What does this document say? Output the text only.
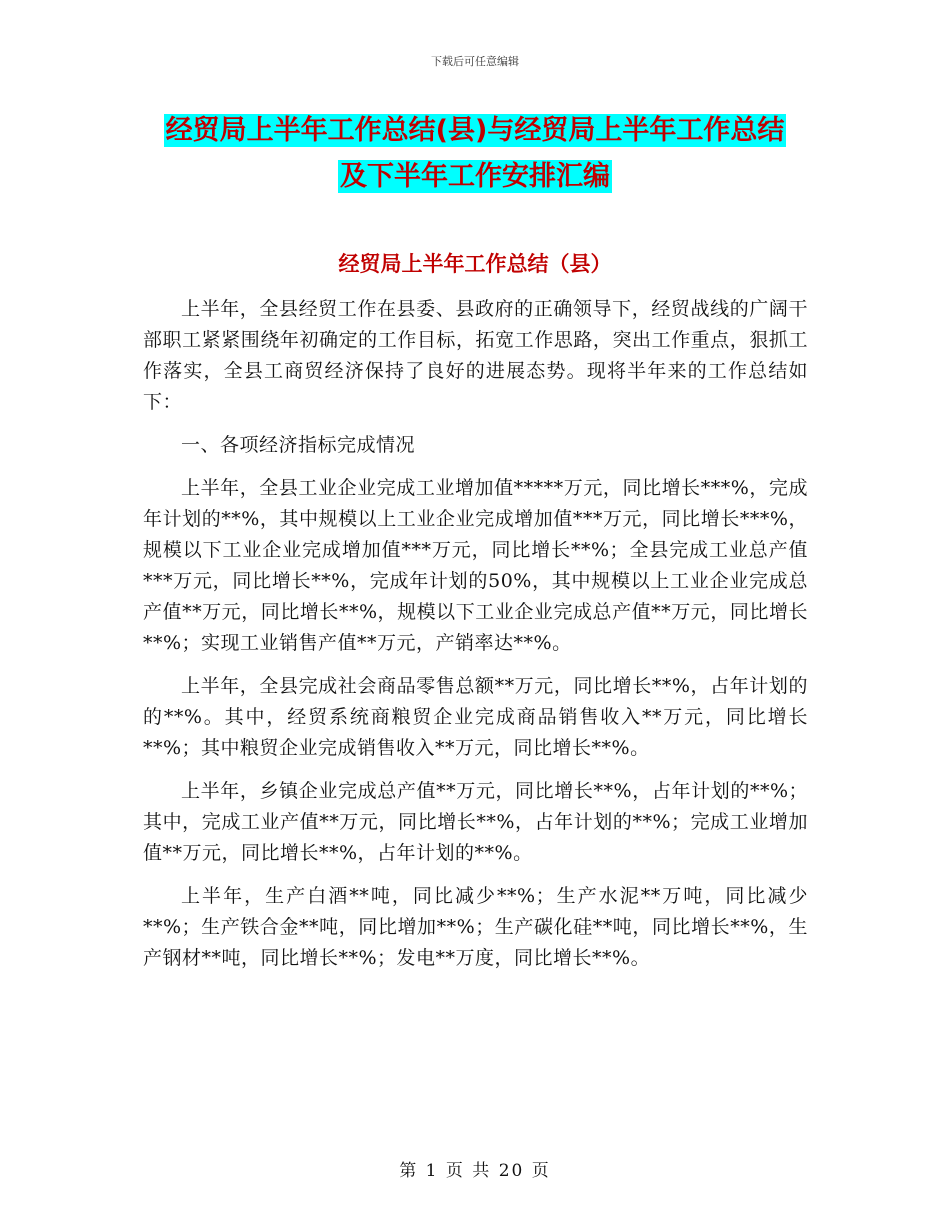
下载后可任意编辑
经贸局上半年工作总结(县)与经贸局上半年工作总结
及下半年工作安排汇编
经贸局上半年工作总结（县）

上半年，全县经贸工作在县委、县政府的正确领导下，经贸战线的广阔干部职工紧紧围绕年初确定的工作目标，拓宽工作思路，突出工作重点，狠抓工作落实，全县工商贸经济保持了良好的进展态势。现将半年来的工作总结如下：

一、各项经济指标完成情况

上半年，全县工业企业完成工业增加值*****万元，同比增长***%，完成年计划的**%，其中规模以上工业企业完成增加值***万元，同比增长***%，规模以下工业企业完成增加值***万元，同比增长**%；全县完成工业总产值***万元，同比增长**%，完成年计划的50%，其中规模以上工业企业完成总产值**万元，同比增长**%，规模以下工业企业完成总产值**万元，同比增长**%；实现工业销售产值**万元，产销率达**%。

上半年，全县完成社会商品零售总额**万元，同比增长**%，占年计划的的**%。其中，经贸系统商粮贸企业完成商品销售收入**万元，同比增长**%；其中粮贸企业完成销售收入**万元，同比增长**%。

上半年，乡镇企业完成总产值**万元，同比增长**%，占年计划的**%；其中，完成工业产值**万元，同比增长**%，占年计划的**%；完成工业增加值**万元，同比增长**%，占年计划的**%。

上半年，生产白酒**吨，同比减少**%；生产水泥**万吨，同比减少**%；生产铁合金**吨，同比增加**%；生产碳化硅**吨，同比增长**%，生产钢材**吨，同比增长**%；发电**万度，同比增长**%。

第 1 页 共 20 页
